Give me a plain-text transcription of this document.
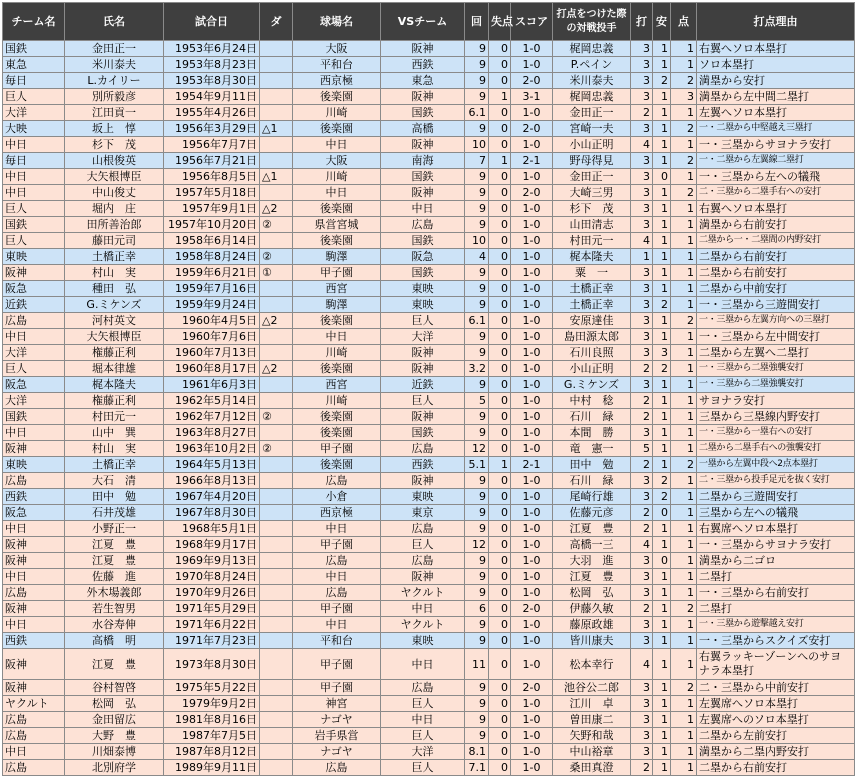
チーム名	氏名	試合日	ダ	球場名	VSチーム	回	失点	スコア	打点をつけた際の対戦投手	打	安	点	打点理由
国鉄	金田正一	1953年6月24日		大阪	阪神	9	0	1-0	梶岡忠義	3	1	1	右翼へソロ本塁打
東急	米川泰夫	1953年8月23日		平和台	西鉄	9	0	1-0	P.ペイン	3	1	1	ソロ本塁打
毎日	L.カイリー	1953年8月30日		西京極	東急	9	0	2-0	米川泰夫	3	2	2	満塁から安打
巨人	別所毅彦	1954年9月11日		後楽園	阪神	9	1	3-1	梶岡忠義	3	1	3	満塁から左中間二塁打
大洋	江田貢一	1955年4月26日		川崎	国鉄	6.1	0	1-0	金田正一	2	1	1	左翼へソロ本塁打
大映	坂上　惇	1956年3月29日	△1	後楽園	高橋	9	0	2-0	宮崎一夫	3	1	2	一・二塁から中堅越え三塁打
中日	杉下　茂	1956年7月7日		中日	阪神	10	0	1-0	小山正明	4	1	1	一・三塁からサヨナラ安打
毎日	山根俊英	1956年7月21日		大阪	南海	7	1	2-1	野母得見	3	1	2	一・二塁から左翼線二塁打
中日	大矢根博臣	1956年8月5日	△1	川崎	国鉄	9	0	1-0	金田正一	3	0	1	一・三塁から左への犠飛
中日	中山俊丈	1957年5月18日		中日	阪神	9	0	2-0	大崎三男	3	1	2	二・三塁から二塁手右への安打
巨人	堀内　庄	1957年9月1日	△2	後楽園	中日	9	0	1-0	杉下　茂	3	1	1	右翼へソロ本塁打
国鉄	田所善治郎	1957年10月20日	②	県営宮城	広島	9	0	1-0	山田清志	3	1	1	満塁から右前安打
巨人	藤田元司	1958年6月14日		後楽園	国鉄	10	0	1-0	村田元一	4	1	1	二塁から一・二塁間の内野安打
東映	土橋正幸	1958年8月24日	②	駒澤	阪急	4	0	1-0	梶本隆夫	1	1	1	二塁から右前安打
阪神	村山　実	1959年6月21日	①	甲子園	国鉄	9	0	1-0	粟　一	3	1	1	二塁から右前安打
阪急	種田　弘	1959年7月16日		西宮	東映	9	0	1-0	土橋正幸	3	1	1	二塁から中前安打
近鉄	G.ミケンズ	1959年9月24日		駒澤	東映	9	0	1-0	土橋正幸	3	2	1	一・三塁から三遊間安打
広島	河村英文	1960年4月5日	△2	後楽園	巨人	6.1	0	1-0	安原達佳	3	1	2	一・三塁から左翼方向への三塁打
中日	大矢根博臣	1960年7月6日		中日	大洋	9	0	1-0	島田源太郎	3	1	1	一・三塁から左中間安打
大洋	権藤正利	1960年7月13日		川崎	阪神	9	0	1-0	石川良照	3	3	1	二塁から左翼へ二塁打
巨人	堀本律雄	1960年8月17日	△2	後楽園	阪神	3.2	0	1-0	小山正明	2	2	1	一・三塁から二塁強襲安打
阪急	梶本隆夫	1961年6月3日		西宮	近鉄	9	0	1-0	G.ミケンズ	3	1	1	一・三塁から二塁強襲安打
大洋	権藤正利	1962年5月14日		川崎	巨人	5	0	1-0	中村　稔	2	1	1	サヨナラ安打
国鉄	村田元一	1962年7月12日	②	後楽園	阪神	9	0	1-0	石川　緑	2	1	1	三塁から三塁線内野安打
中日	山中　巽	1963年8月27日		後楽園	国鉄	9	0	1-0	本間　勝	3	1	1	一・三塁から一塁右への安打
阪神	村山　実	1963年10月2日	②	甲子園	広島	12	0	1-0	竜　憲一	5	1	1	二塁から二塁手右への強襲安打
東映	土橋正幸	1964年5月13日		後楽園	西鉄	5.1	1	2-1	田中　勉	2	1	2	一塁から左翼中段へ2点本塁打
広島	大石　清	1966年8月13日		広島	阪神	9	0	1-0	石川　緑	3	2	1	二・三塁から投手足元を抜く安打
西鉄	田中　勉	1967年4月20日		小倉	東映	9	0	1-0	尾崎行雄	3	2	1	二塁から三遊間安打
阪急	石井茂雄	1967年8月30日		西京極	東京	9	0	1-0	佐藤元彦	2	0	1	三塁から左への犠飛
中日	小野正一	1968年5月1日		中日	広島	9	0	1-0	江夏　豊	2	1	1	右翼席へソロ本塁打
阪神	江夏　豊	1968年9月17日		甲子園	巨人	12	0	1-0	高橋一三	4	1	1	一・三塁からサヨナラ安打
阪神	江夏　豊	1969年9月13日		広島	広島	9	0	1-0	大羽　進	3	0	1	満塁から二ゴロ
中日	佐藤　進	1970年8月24日		中日	阪神	9	0	1-0	江夏　豊	3	1	1	二塁打
広島	外木場義郎	1970年9月26日		広島	ヤクルト	9	0	1-0	松岡　弘	3	1	1	一・三塁から右前安打
阪神	若生智男	1971年5月29日		甲子園	中日	6	0	2-0	伊藤久敏	2	1	2	二塁打
中日	水谷寿伸	1971年6月22日		中日	ヤクルト	9	0	1-0	藤原政雄	3	1	1	一・三塁から遊撃越え安打
西鉄	高橋　明	1971年7月23日		平和台	東映	9	0	1-0	皆川康夫	3	1	1	一・三塁からスクイズ安打
阪神	江夏　豊	1973年8月30日		甲子園	中日	11	0	1-0	松本幸行	4	1	1	右翼ラッキーゾーンへのサヨナラ本塁打
阪神	谷村智啓	1975年5月22日		甲子園	広島	9	0	2-0	池谷公二郎	3	1	2	二・三塁から中前安打
ヤクルト	松岡　弘	1979年9月2日		神宮	巨人	9	0	1-0	江川　卓	3	1	1	左翼席へソロ本塁打
広島	金田留広	1981年8月16日		ナゴヤ	中日	9	0	1-0	曽田康二	3	1	1	左翼席へのソロ本塁打
広島	大野　豊	1987年7月5日		岩手県営	巨人	9	0	1-0	矢野和哉	3	1	1	二塁から左前安打
中日	川畑泰博	1987年8月12日		ナゴヤ	大洋	8.1	0	1-0	中山裕章	3	1	1	満塁から二塁内野安打
広島	北別府学	1989年9月11日		広島	巨人	7.1	0	1-0	桑田真澄	2	1	1	二塁から右前安打
